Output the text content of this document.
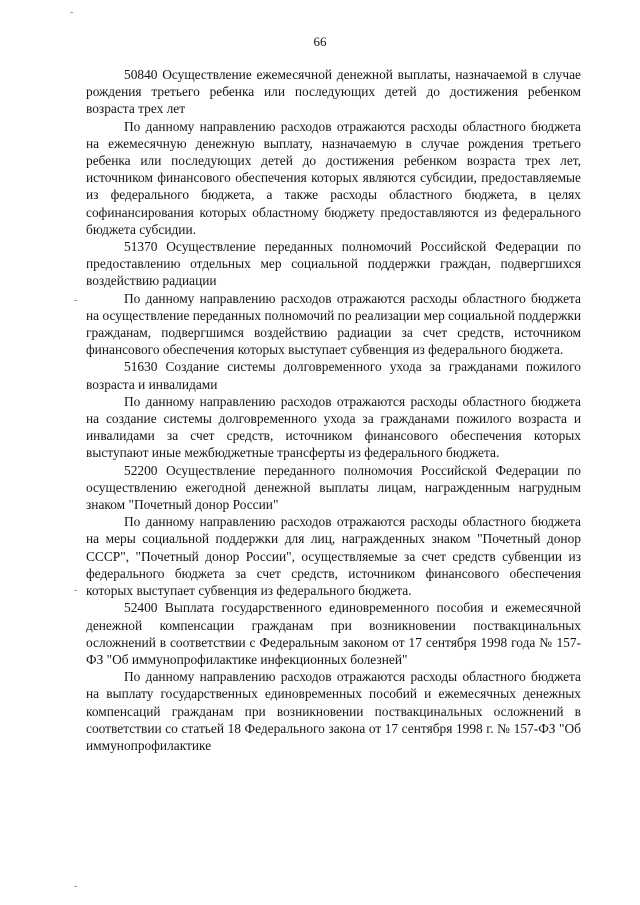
66

50840 Осуществление ежемесячной денежной выплаты, назначаемой в случае рождения третьего ребенка или последующих детей до достижения ребенком возраста трех лет

По данному направлению расходов отражаются расходы областного бюджета на ежемесячную денежную выплату, назначаемую в случае рождения третьего ребенка или последующих детей до достижения ребенком возраста трех лет, источником финансового обеспечения которых являются субсидии, предоставляемые из федерального бюджета, а также расходы областного бюджета, в целях софинансирования которых областному бюджету предоставляются из федерального бюджета субсидии.

51370 Осуществление переданных полномочий Российской Федерации по предоставлению отдельных мер социальной поддержки граждан, подвергшихся воздействию радиации

По данному направлению расходов отражаются расходы областного бюджета на осуществление переданных полномочий по реализации мер социальной поддержки гражданам, подвергшимся воздействию радиации за счет средств, источником финансового обеспечения которых выступает субвенция из федерального бюджета.

51630 Создание системы долговременного ухода за гражданами пожилого возраста и инвалидами

По данному направлению расходов отражаются расходы областного бюджета на создание системы долговременного ухода за гражданами пожилого возраста и инвалидами за счет средств, источником финансового обеспечения которых выступают иные межбюджетные трансферты из федерального бюджета.

52200 Осуществление переданного полномочия Российской Федерации по осуществлению ежегодной денежной выплаты лицам, награжденным нагрудным знаком "Почетный донор России"

По данному направлению расходов отражаются расходы областного бюджета на меры социальной поддержки для лиц, награжденных знаком "Почетный донор СССР", "Почетный донор России", осуществляемые за счет средств субвенции из федерального бюджета за счет средств, источником финансового обеспечения которых выступает субвенция из федерального бюджета.

52400 Выплата государственного единовременного пособия и ежемесячной денежной компенсации гражданам при возникновении поствакцинальных осложнений в соответствии с Федеральным законом от 17 сентября 1998 года № 157-ФЗ "Об иммунопрофилактике инфекционных болезней"

По данному направлению расходов отражаются расходы областного бюджета на выплату государственных единовременных пособий и ежемесячных денежных компенсаций гражданам при возникновении поствакцинальных осложнений в соответствии со статьей 18 Федерального закона от 17 сентября 1998 г. № 157-ФЗ "Об иммунопрофилактике
